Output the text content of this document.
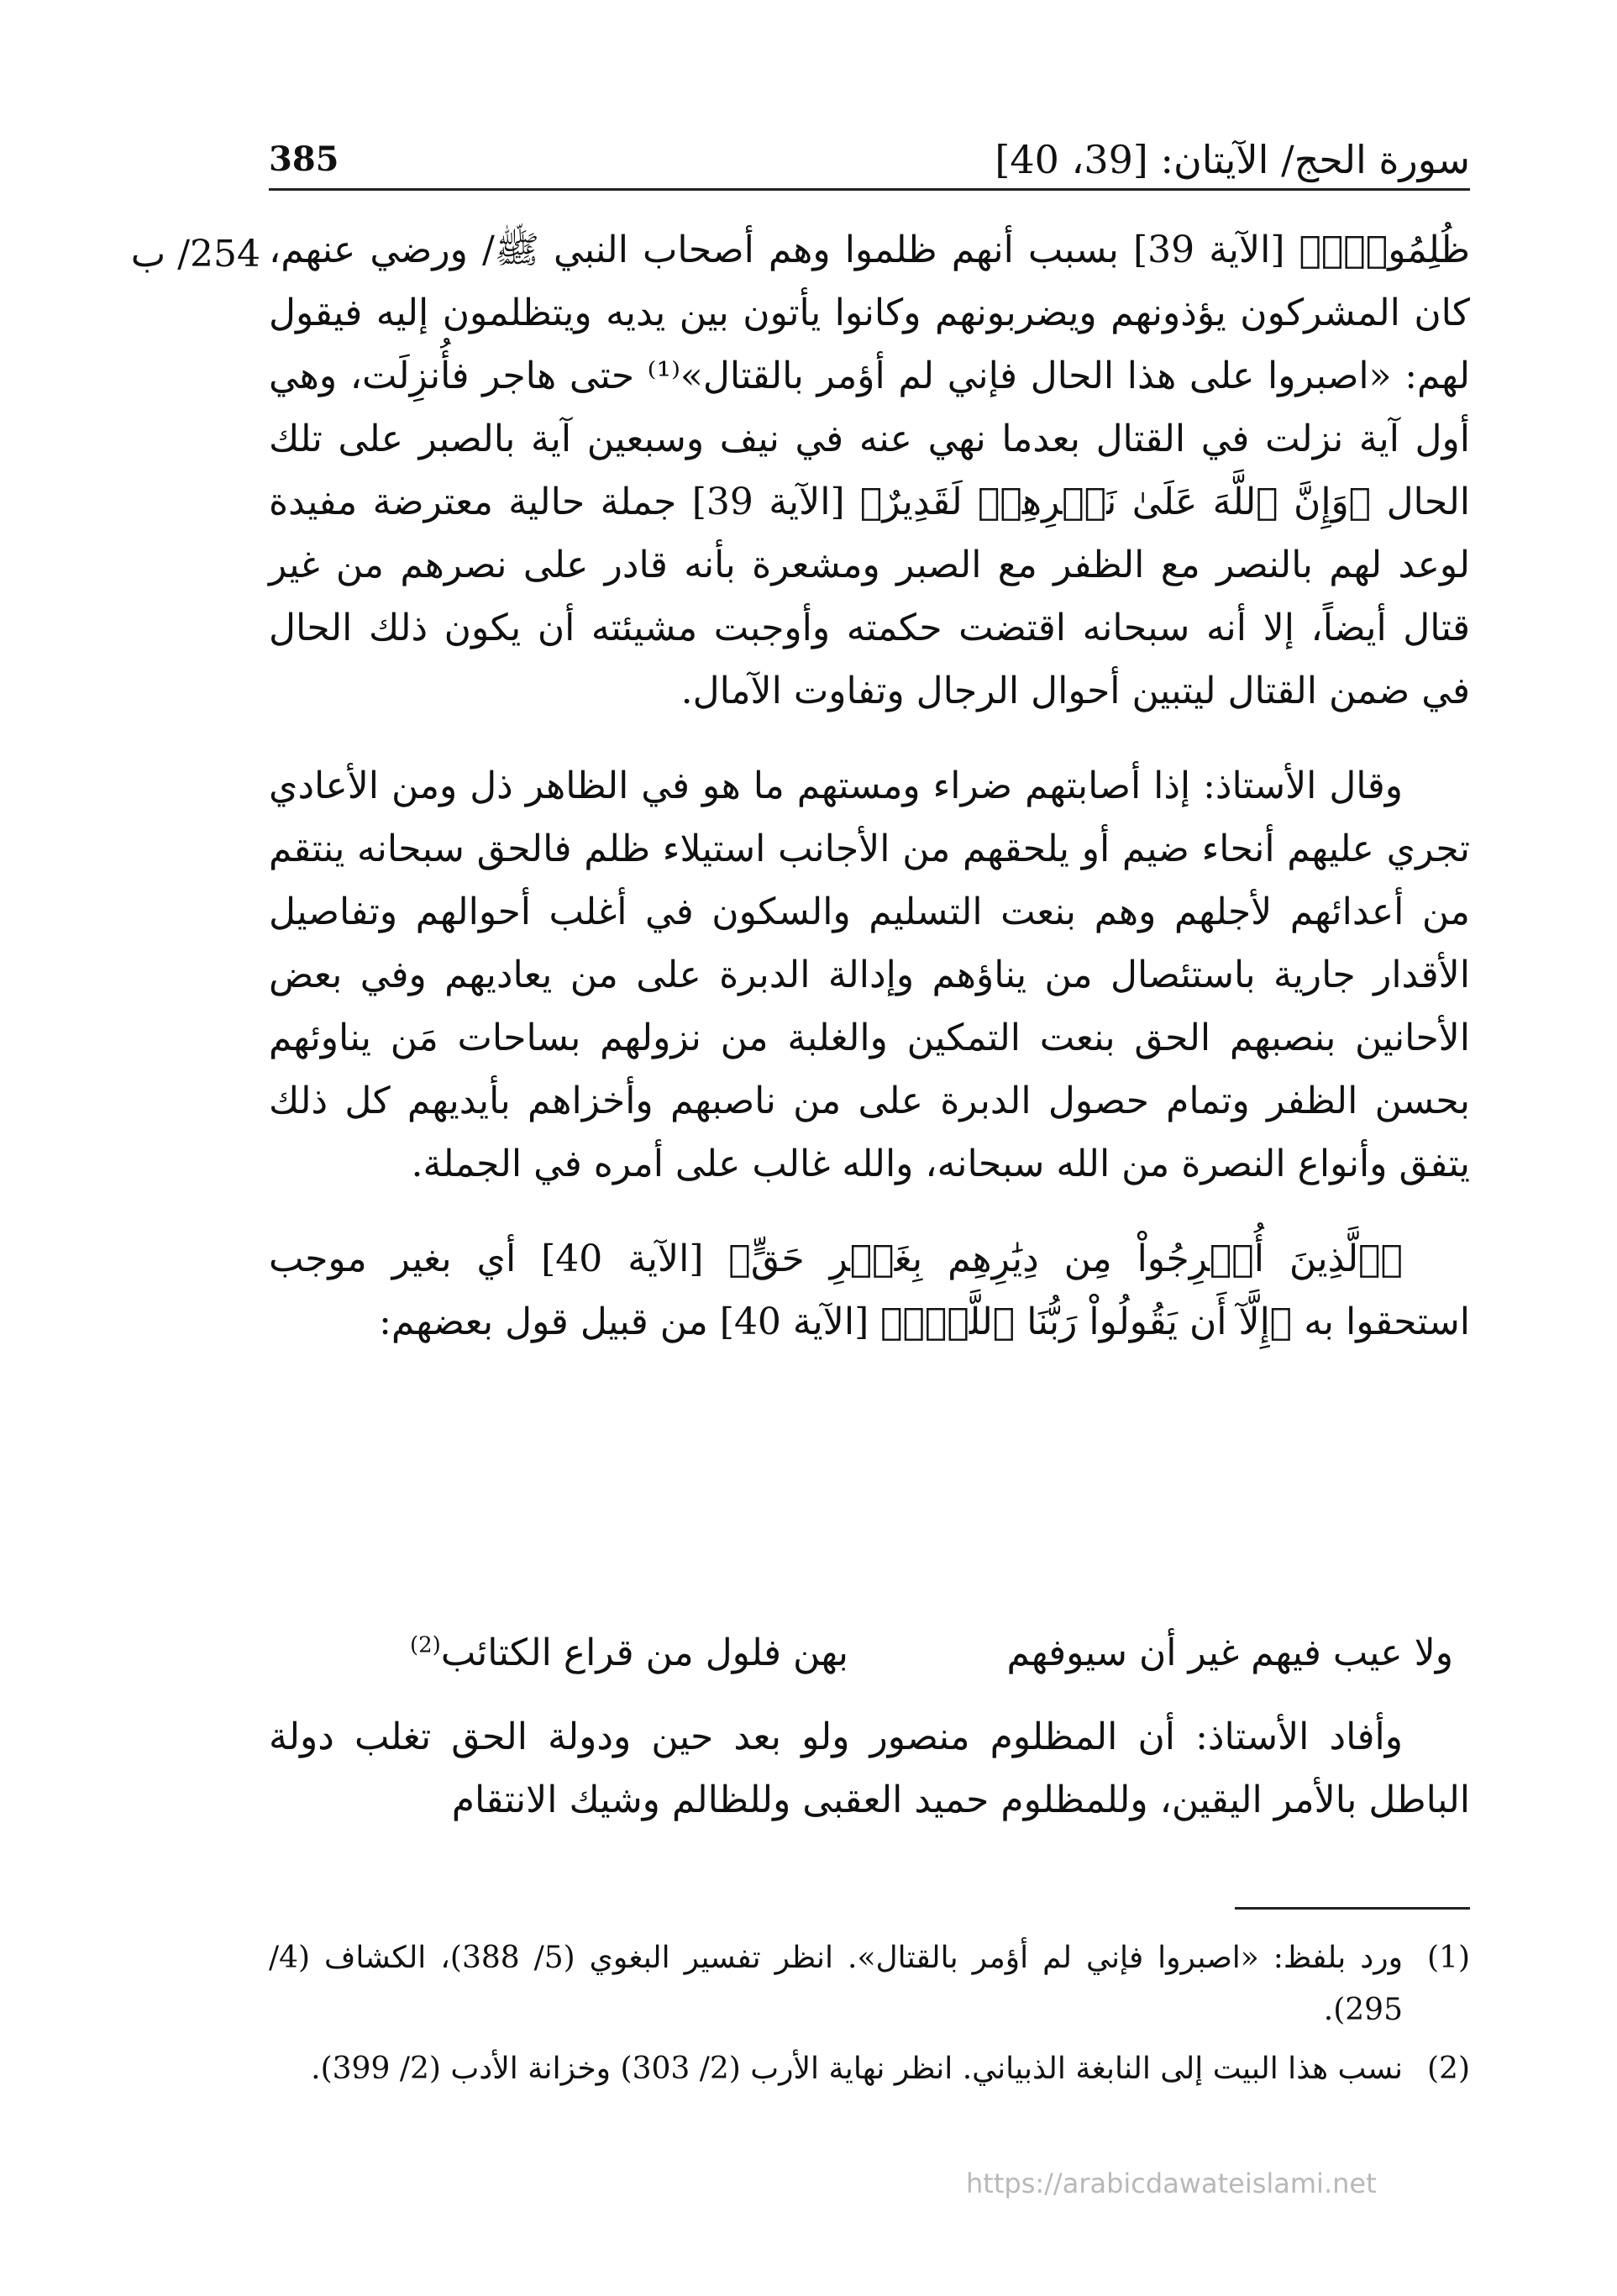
سورة الحج/ الآيتان: [39، 40]
385
254/ ب ظُلِمُواْۚ﴾ [الآية 39] بسبب أنهم ظلموا وهم أصحاب النبي ﷺ/ ورضي عنهم، كان المشركون يؤذونهم ويضربونهم وكانوا يأتون بين يديه ويتظلمون إليه فيقول لهم: «اصبروا على هذا الحال فإني لم أؤمر بالقتال»⁽¹⁾ حتى هاجر فأُنزِلَت، وهي أول آية نزلت في القتال بعدما نهي عنه في نيف وسبعين آية بالصبر على تلك الحال ﴿وَإِنَّ ٱللَّهَ عَلَىٰ نَصۡرِهِمۡ لَقَدِيرٌ﴾ [الآية 39] جملة حالية معترضة مفيدة لوعد لهم بالنصر مع الظفر مع الصبر ومشعرة بأنه قادر على نصرهم من غير قتال أيضاً، إلا أنه سبحانه اقتضت حكمته وأوجبت مشيئته أن يكون ذلك الحال في ضمن القتال ليتبين أحوال الرجال وتفاوت الآمال.

وقال الأستاذ: إذا أصابتهم ضراء ومستهم ما هو في الظاهر ذل ومن الأعادي تجري عليهم أنحاء ضيم أو يلحقهم من الأجانب استيلاء ظلم فالحق سبحانه ينتقم من أعدائهم لأجلهم وهم بنعت التسليم والسكون في أغلب أحوالهم وتفاصيل الأقدار جارية باستئصال من يناؤهم وإدالة الدبرة على من يعاديهم وفي بعض الأحانين بنصبهم الحق بنعت التمكين والغلبة من نزولهم بساحات مَن يناوئهم بحسن الظفر وتمام حصول الدبرة على من ناصبهم وأخزاهم بأيديهم كل ذلك يتفق وأنواع النصرة من الله سبحانه، والله غالب على أمره في الجملة.

﴿ٱلَّذِينَ أُخۡرِجُواْ مِن دِيَٰرِهِم بِغَيۡرِ حَقٍّ﴾ [الآية 40] أي بغير موجب استحقوا به ﴿إِلَّآ أَن يَقُولُواْ رَبُّنَا ٱللَّهُۗ﴾ [الآية 40] من قبيل قول بعضهم:

ولا عيب فيهم غير أن سيوفهم
بهن فلول من قراع الكتائب$^{(2)}$

وأفاد الأستاذ: أن المظلوم منصور ولو بعد حين ودولة الحق تغلب دولة الباطل بالأمر اليقين، وللمظلوم حميد العقبى وللظالم وشيك الانتقام

(1)
ورد بلفظ: «اصبروا فإني لم أؤمر بالقتال». انظر تفسير البغوي (5/ 388)، الكشاف (4/ 295).
(2)
نسب هذا البيت إلى النابغة الذبياني. انظر نهاية الأرب (2/ 303) وخزانة الأدب (2/ 399).
https://arabicdawateislami.net
